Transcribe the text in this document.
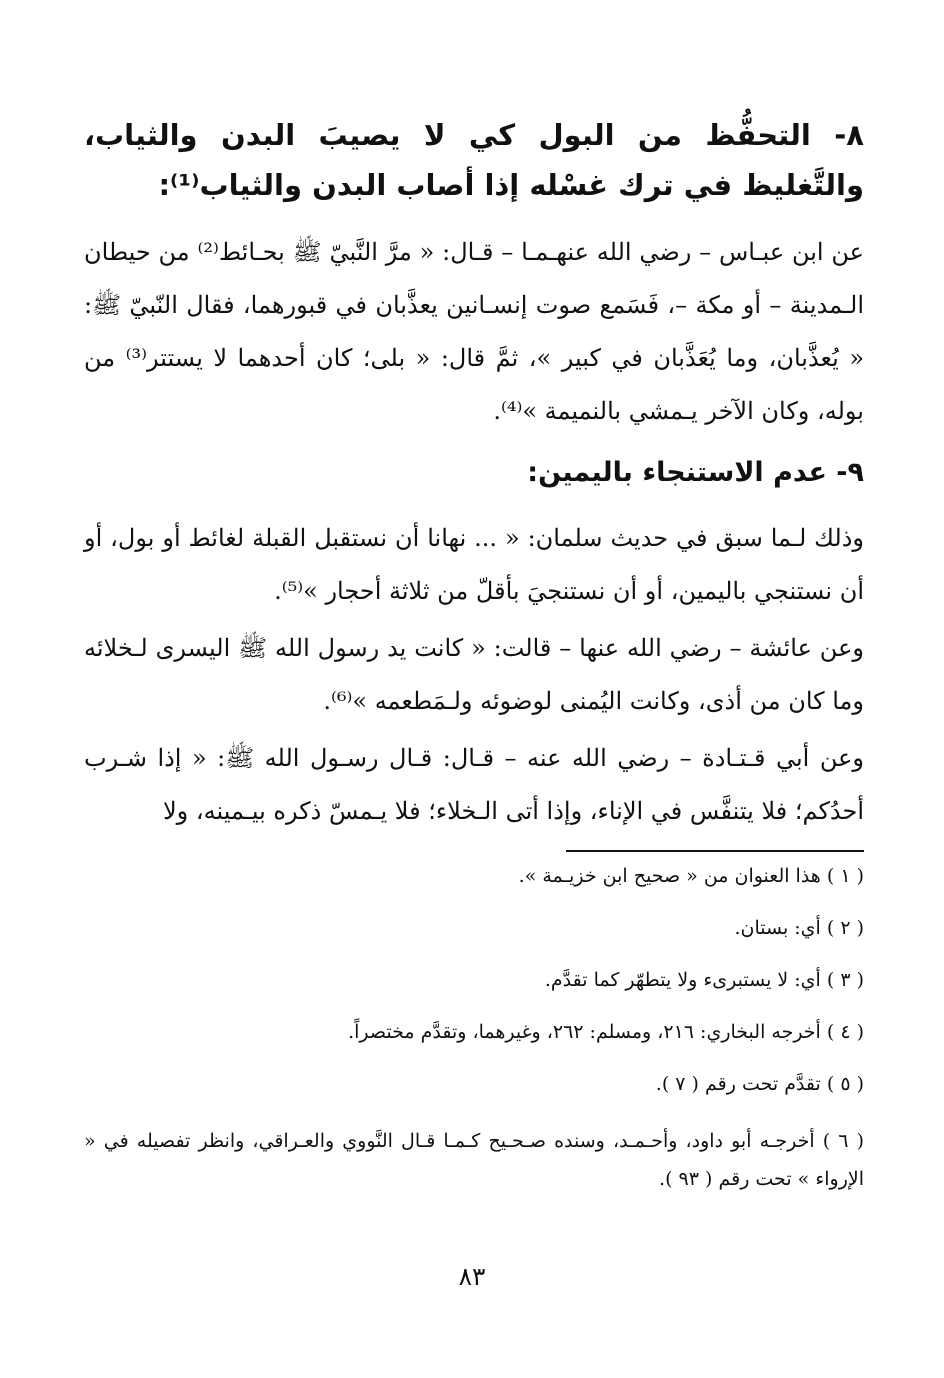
٨- التحفُّظ من البول كي لا يصيبَ البدن والثياب، والتَّغليظ في ترك غسْله إذا أصاب البدن والثياب⁽¹⁾:

عن ابن عبـاس – رضي الله عنهـمـا – قـال: « مرَّ النَّبيّ ﷺ بحـائط⁽²⁾ من حيطان الـمدينة – أو مكة –، فَسَمع صوت إنسـانين يعذَّبان في قبورهما، فقال النّبيّ ﷺ: « يُعذَّبان، وما يُعَذَّبان في كبير »، ثمَّ قال: « بلى؛ كان أحدهما لا يستتر⁽³⁾ من بوله، وكان الآخر يـمشي بالنميمة »⁽⁴⁾.

٩- عدم الاستنجاء باليمين:

وذلك لـما سبق في حديث سلمان: « ... نهانا أن نستقبل القبلة لغائط أو بول، أو أن نستنجي باليمين، أو أن نستنجيَ بأقلّ من ثلاثة أحجار »⁽⁵⁾.

وعن عائشة – رضي الله عنها – قالت: « كانت يد رسول الله ﷺ اليسرى لـخلائه وما كان من أذى، وكانت اليُمنى لوضوئه ولـمَطعمه »⁽⁶⁾.

وعن أبي قـتـادة – رضي الله عنه – قـال: قـال رسـول الله ﷺ: « إذا شـرب أحدُكم؛ فلا يتنفَّس في الإناء، وإذا أتى الـخلاء؛ فلا يـمسّ ذكره بيـمينه، ولا

( ١ ) هذا العنوان من « صحيح ابن خزيـمة ».

( ٢ ) أي: بستان.

( ٣ ) أي: لا يستبرىء ولا يتطهّر كما تقدَّم.

( ٤ ) أخرجه البخاري: ٢١٦، ومسلم: ٢٦٢، وغيرهما، وتقدَّم مختصراً.

( ٥ ) تقدَّم تحت رقم ( ٧ ).

( ٦ ) أخرجـه أبو داود، وأحـمـد، وسنده صـحـيح كـمـا قـال النَّووي والعـراقي، وانظر تفصيله في « الإرواء » تحت رقم ( ٩٣ ).

٨٣
